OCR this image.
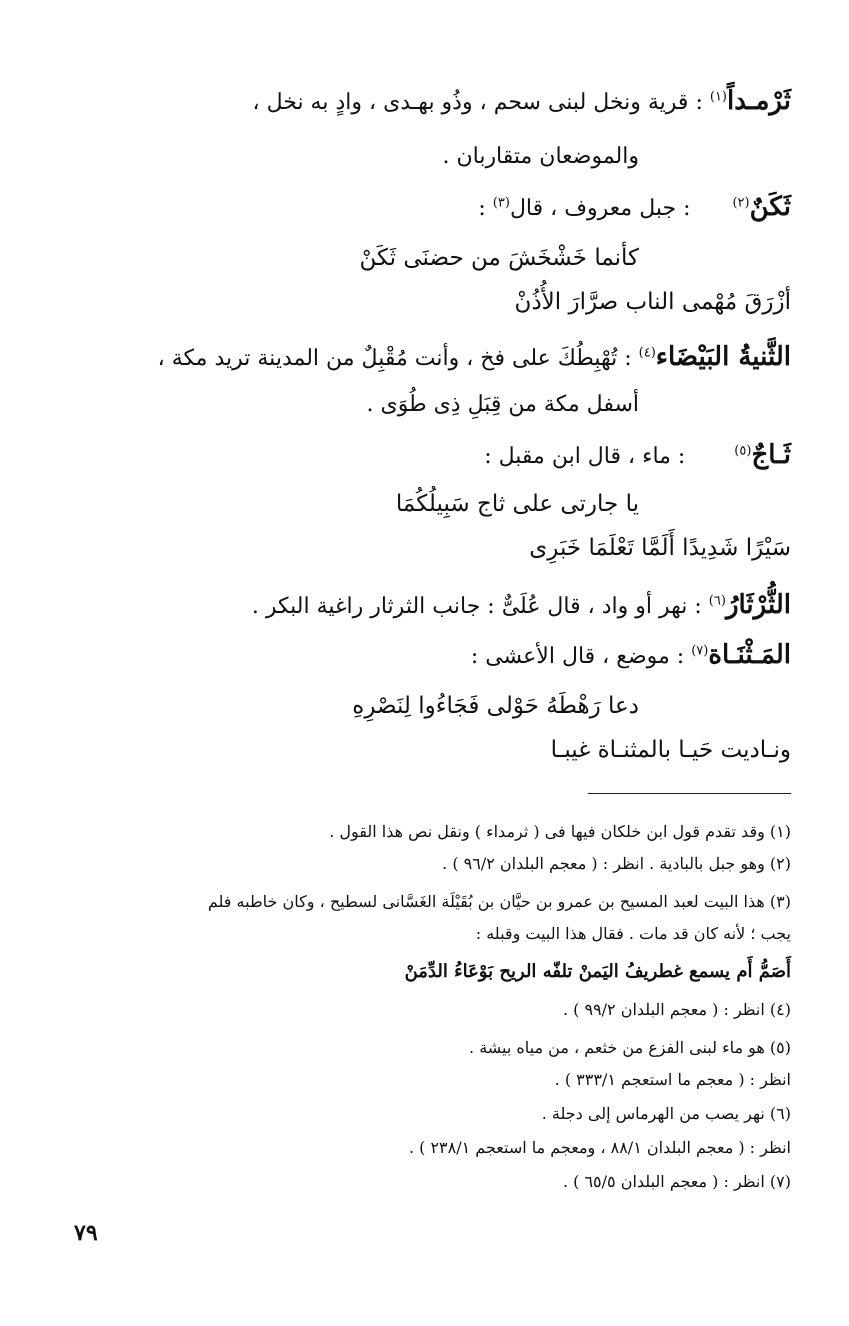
ثَرْمـداً$^{(١)}$ : قرية ونخل لبنى سحم ، وذُو بهـدى ، وادٍ به نخل ،
والموضعان متقاربان .
ثَكَنٌ$^{(٢)}$      : جبل معروف ، قال$^{(٣)}$ :
كأنما خَشْخَشَ من حضنَى ثَكَنْ
أزْرَقَ مُهْمى الناب صرَّارَ الأُذُنْ
الثَّنيةُ البَيْضَاء$^{(٤)}$ : تُهْبِطُكَ على فخ ، وأنت مُقْبِلٌ من المدينة تريد مكة ،
أسفل مكة من قِبَلِ ذِى طُوَى .
ثَـاجٌ$^{(٥)}$       : ماء ، قال ابن مقبل :
يا جارتى على ثاج سَبِيلُكُمَا
سَيْرًا شَدِيدًا أَلَمَّا تَعْلَمَا خَبَرِى
الثُّرْثَارُ$^{(٦)}$ : نهر أو واد ، قال عُلَىٌّ : جانب الثرثار راغية البكر .
المَـثْنَـاة$^{(٧)}$ : موضع ، قال الأعشى :
دعا رَهْطَهُ حَوْلى فَجَاءُوا لِنَصْرِهِ
ونـاديت حَيـا بالمثنـاة غيبـا
(١) وقد تقدم قول ابن خلكان فيها فى ( ثرمداء ) ونقل نص هذا القول .
(٢) وهو جبل بالبادية . انظر : ( معجم البلدان ٩٦/٢ ) .
(٣) هذا البيت لعبد المسيح بن عمرو بن حيَّان بن بُقَيْلَة الغَسَّانى لسطيح ، وكان خاطبه فلم
يجب ؛ لأنه كان قد مات . فقال هذا البيت وقبله :
أَصَمُّ أَم يسمع غطريفُ اليَمنْ تلفّه الريح بَوْعَاءُ الدِّمَنْ
(٤) انظر : ( معجم البلدان ٩٩/٢ ) .
(٥) هو ماء لبنى الفزع من خثعم ، من مياه بيشة .
انظر : ( معجم ما استعجم ٣٣٣/١ ) .
(٦) نهر يصب من الهرماس إلى دجلة .
انظر : ( معجم البلدان ٨٨/١ ، ومعجم ما استعجم ٢٣٨/١ ) .
(٧) انظر : ( معجم البلدان ٦٥/٥ ) .
٧٩
